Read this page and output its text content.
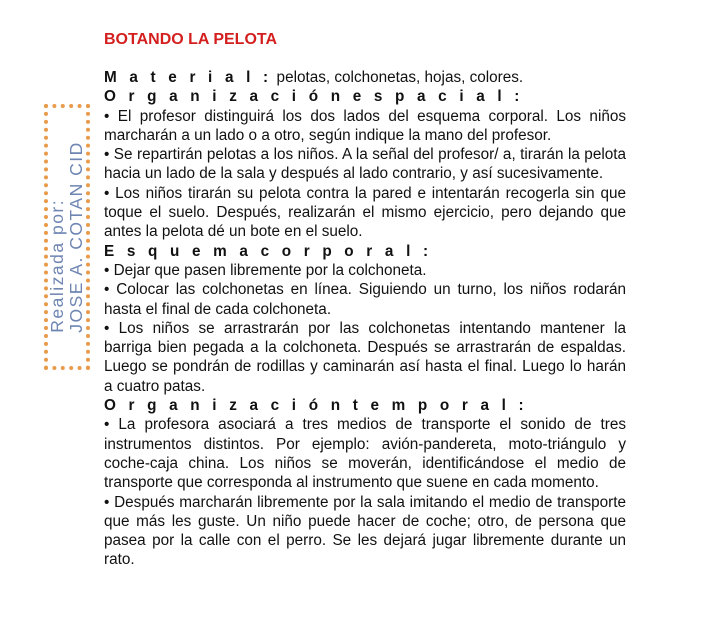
BOTANDO LA PELOTA

M a t e r i a l : pelotas, colchonetas, hojas, colores.

O r g a n i z a c i ó n e s p a c i a l :

• El profesor distinguirá los dos lados del esquema corporal. Los niños marcharán a un lado o a otro, según indique la mano del profesor.

• Se repartirán pelotas a los niños. A la señal del profesor/ a, tirarán la pelota hacia un lado de la sala y después al lado contrario, y así sucesivamente.

• Los niños tirarán su pelota contra la pared e intentarán recogerla sin que toque el suelo. Después, realizarán el mismo ejercicio, pero dejando que antes la pelota dé un bote en el suelo.

E s q u e m a c o r p o r a l :

• Dejar que pasen libremente por la colchoneta.

• Colocar las colchonetas en línea. Siguiendo un turno, los niños rodarán hasta el final de cada colchoneta.

• Los niños se arrastrarán por las colchonetas intentando mantener la barriga bien pegada a la colchoneta. Después se arrastrarán de espaldas. Luego se pondrán de rodillas y caminarán así hasta el final. Luego lo harán a cuatro patas.

O r g a n i z a c i ó n t e m p o r a l :

• La profesora asociará a tres medios de transporte el sonido de tres instrumentos distintos. Por ejemplo: avión-pandereta, moto-triángulo y coche-caja china. Los niños se moverán, identificándose el medio de transporte que corresponda al instrumento que suene en cada momento.

• Después marcharán libremente por la sala imitando el medio de transporte que más les guste. Un niño puede hacer de coche; otro, de persona que pasea por la calle con el perro. Se les dejará jugar libremente durante un rato.

Realizada por: JOSE A. COTAN CID
